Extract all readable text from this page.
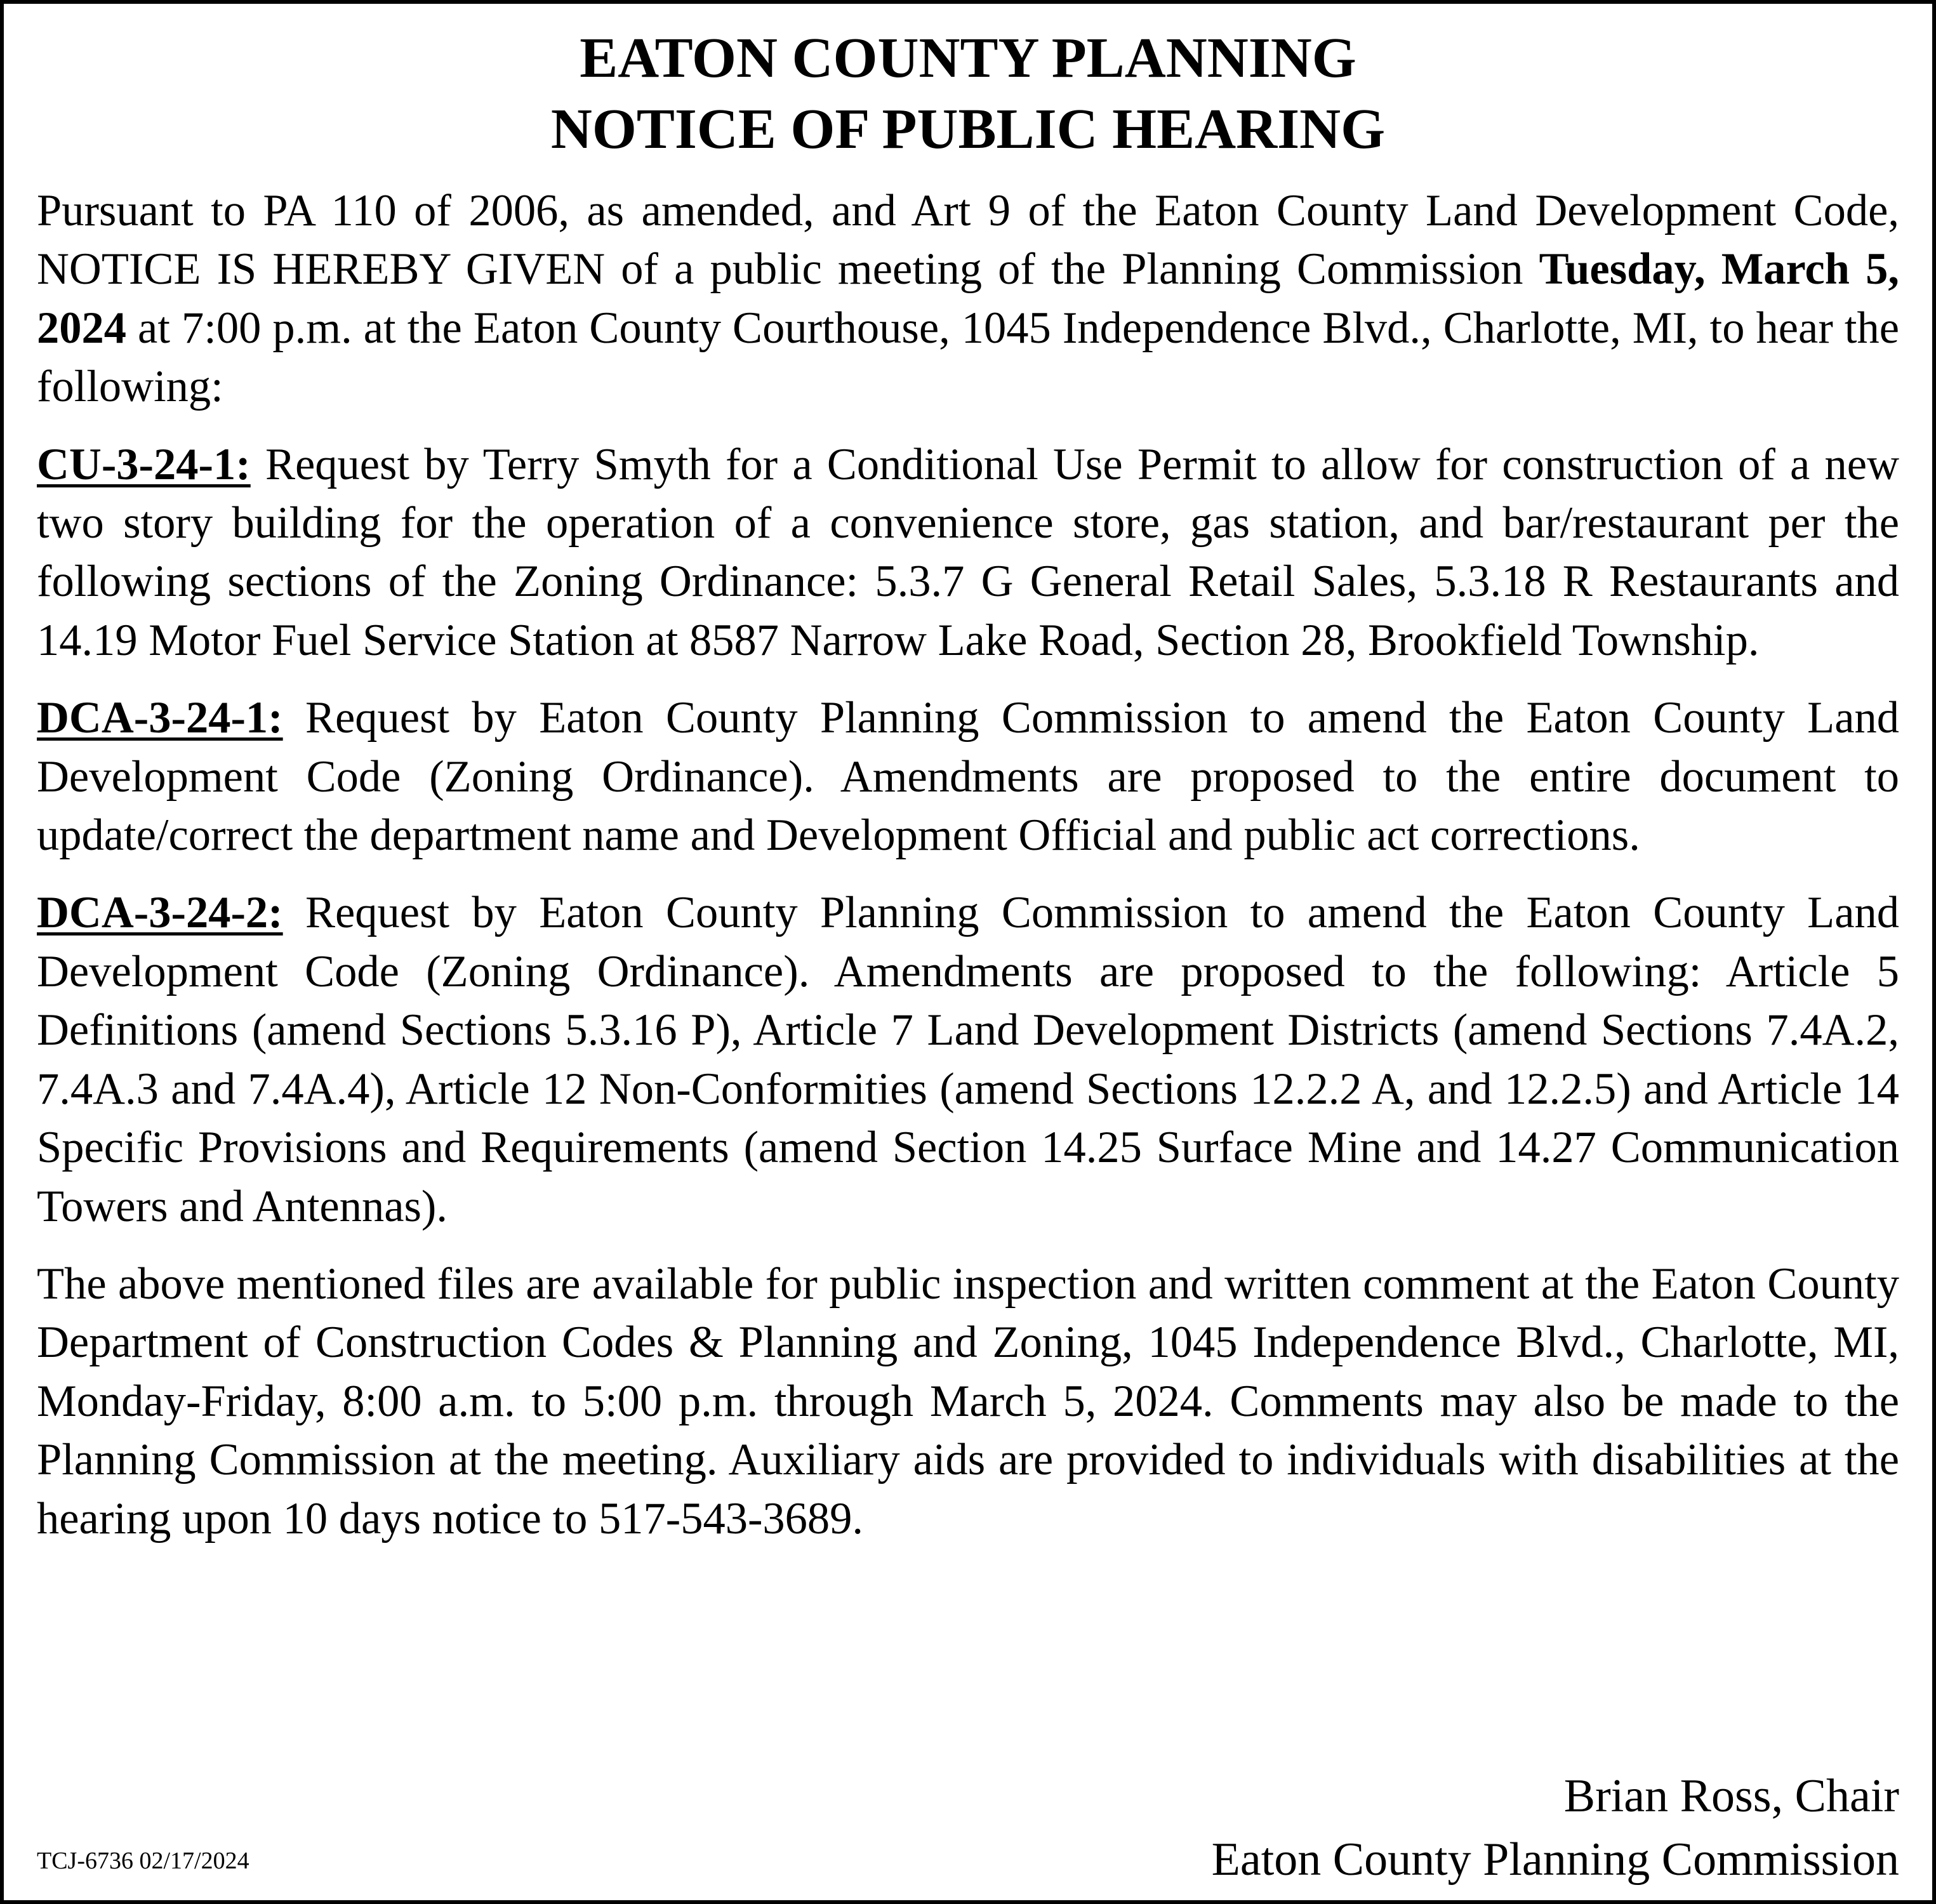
EATON COUNTY PLANNING
NOTICE OF PUBLIC HEARING

Pursuant to PA 110 of 2006, as amended, and Art 9 of the Eaton County Land Development Code, NOTICE IS HEREBY GIVEN of a public meeting of the Planning Commission Tuesday, March 5, 2024 at 7:00 p.m. at the Eaton County Courthouse, 1045 Independence Blvd., Charlotte, MI, to hear the following:

CU-3-24-1: Request by Terry Smyth for a Conditional Use Permit to allow for construction of a new two story building for the operation of a convenience store, gas station, and bar/restaurant per the following sections of the Zoning Ordinance: 5.3.7 G General Retail Sales, 5.3.18 R Restaurants and 14.19 Motor Fuel Service Station at 8587 Narrow Lake Road, Section 28, Brookfield Township.

DCA-3-24-1: Request by Eaton County Planning Commission to amend the Eaton County Land Development Code (Zoning Ordinance). Amendments are proposed to the entire document to update/correct the department name and Development Official and public act corrections.

DCA-3-24-2: Request by Eaton County Planning Commission to amend the Eaton County Land Development Code (Zoning Ordinance). Amendments are proposed to the following: Article 5 Definitions (amend Sections 5.3.16 P), Article 7 Land Development Districts (amend Sections 7.4A.2, 7.4A.3 and 7.4A.4), Article 12 Non-Conformities (amend Sections 12.2.2 A, and 12.2.5) and Article 14 Specific Provisions and Requirements (amend Section 14.25 Surface Mine and 14.27 Communication Towers and Antennas).

The above mentioned files are available for public inspection and written comment at the Eaton County Department of Construction Codes & Planning and Zoning, 1045 Independence Blvd., Charlotte, MI, Monday-Friday, 8:00 a.m. to 5:00 p.m. through March 5, 2024. Comments may also be made to the Planning Commission at the meeting. Auxiliary aids are provided to individuals with disabilities at the hearing upon 10 days notice to 517-543-3689.

Brian Ross, Chair
Eaton County Planning Commission
TCJ-6736 02/17/2024
